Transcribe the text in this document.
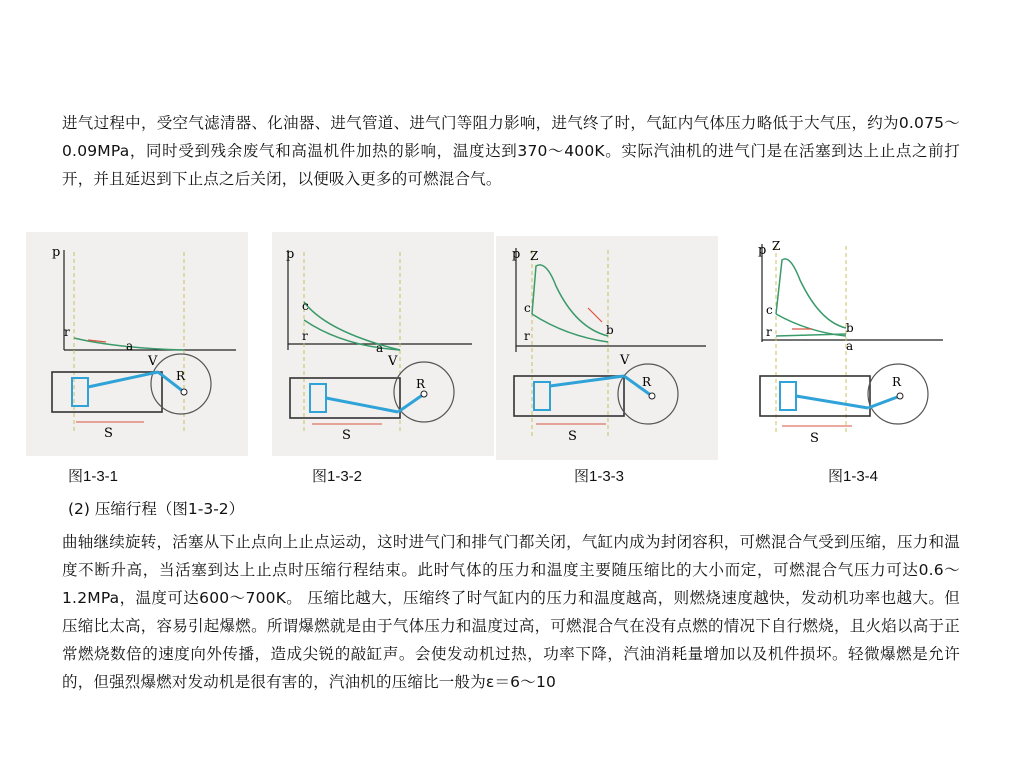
进气过程中，受空气滤清器、化油器、进气管道、进气门等阻力影响，进气终了时，气缸内气体压力略低于大气压，约为0.075～0.09MPa，同时受到残余废气和高温机件加热的影响，温度达到370～400K。实际汽油机的进气门是在活塞到达上止点之前打开，并且延迟到下止点之后关闭，以便吸入更多的可燃混合气。
p
r
a
V
R
S
p
c
r
a
V
R
S
p Z
c
r	b
V
R
S
p Z
c
r	b
a
R
S
图1-3-1	图1-3-2	图1-3-3	图1-3-4
(2) 压缩行程（图1-3-2）
曲轴继续旋转，活塞从下止点向上止点运动，这时进气门和排气门都关闭，气缸内成为封闭容积，可燃混合气受到压缩，压力和温度不断升高，当活塞到达上止点时压缩行程结束。此时气体的压力和温度主要随压缩比的大小而定，可燃混合气压力可达0.6～1.2MPa，温度可达600～700K。 压缩比越大，压缩终了时气缸内的压力和温度越高，则燃烧速度越快，发动机功率也越大。但压缩比太高，容易引起爆燃。所谓爆燃就是由于气体压力和温度过高，可燃混合气在没有点燃的情况下自行燃烧，且火焰以高于正常燃烧数倍的速度向外传播，造成尖锐的敲缸声。会使发动机过热，功率下降，汽油消耗量增加以及机件损坏。轻微爆燃是允许的，但强烈爆燃对发动机是很有害的，汽油机的压缩比一般为ε＝6～10
